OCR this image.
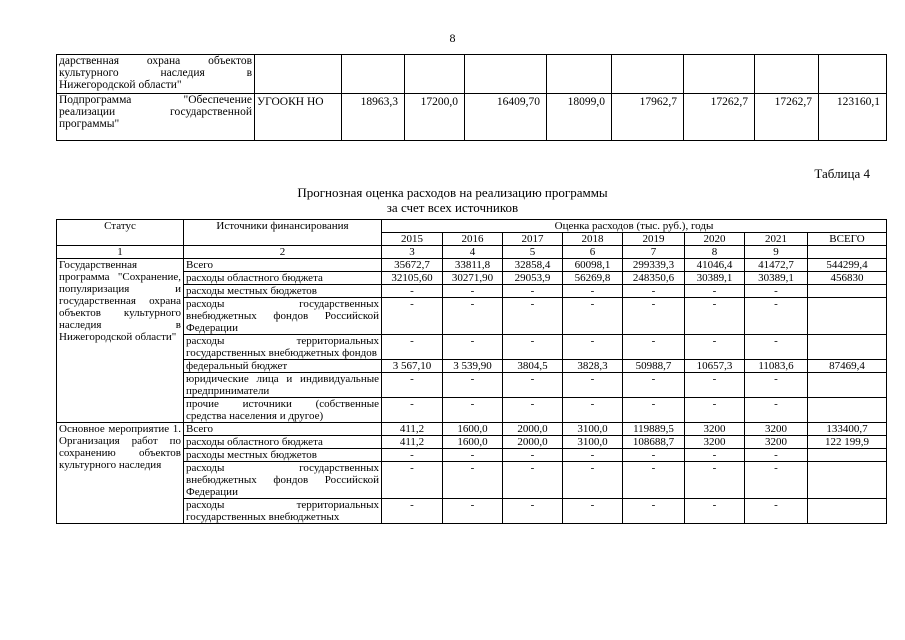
8
дарственная охрана объектов культурного наследия в Нижегородской области"									
Подпрограмма "Обеспечение реализации государственной программы"	УГООКН НО	18963,3	17200,0	16409,70	18099,0	17962,7	17262,7	17262,7	123160,1
Таблица 4
Прогнозная оценка расходов на реализацию программы
за счет всех источников
Статус	Источники финансирования	Оценка расходов (тыс. руб.), годы							
		2015	2016	2017	2018	2019	2020	2021	ВСЕГО
1	2	3	4	5	6	7	8	9	
Государственная программа "Сохранение, популяризация и государственная охрана объектов культурного наследия в Нижегородской области"	Всего	35672,7	33811,8	32858,4	60098,1	299339,3	41046,4	41472,7	544299,4
	расходы областного бюджета	32105,60	30271,90	29053,9	56269,8	248350,6	30389,1	30389,1	456830
	расходы местных бюджетов	-	-	-	-	-	-	-	
	расходы государственных внебюджетных фондов Российской Федерации	-	-	-	-	-	-	-	
	расходы территориальных государственных внебюджетных фондов	-	-	-	-	-	-	-	
	федеральный бюджет	3 567,10	3 539,90	3804,5	3828,3	50988,7	10657,3	11083,6	87469,4
	юридические лица и индивидуальные предприниматели	-	-	-	-	-	-	-	
	прочие источники (собственные средства населения и другое)	-	-	-	-	-	-	-	
Основное мероприятие 1. Организация работ по сохранению объектов культурного наследия	Всего	411,2	1600,0	2000,0	3100,0	119889,5	3200	3200	133400,7
	расходы областного бюджета	411,2	1600,0	2000,0	3100,0	108688,7	3200	3200	122 199,9
	расходы местных бюджетов	-	-	-	-	-	-	-	
	расходы государственных внебюджетных фондов Российской Федерации	-	-	-	-	-	-	-	
	расходы территориальных государственных внебюджетных	-	-	-	-	-	-	-	
